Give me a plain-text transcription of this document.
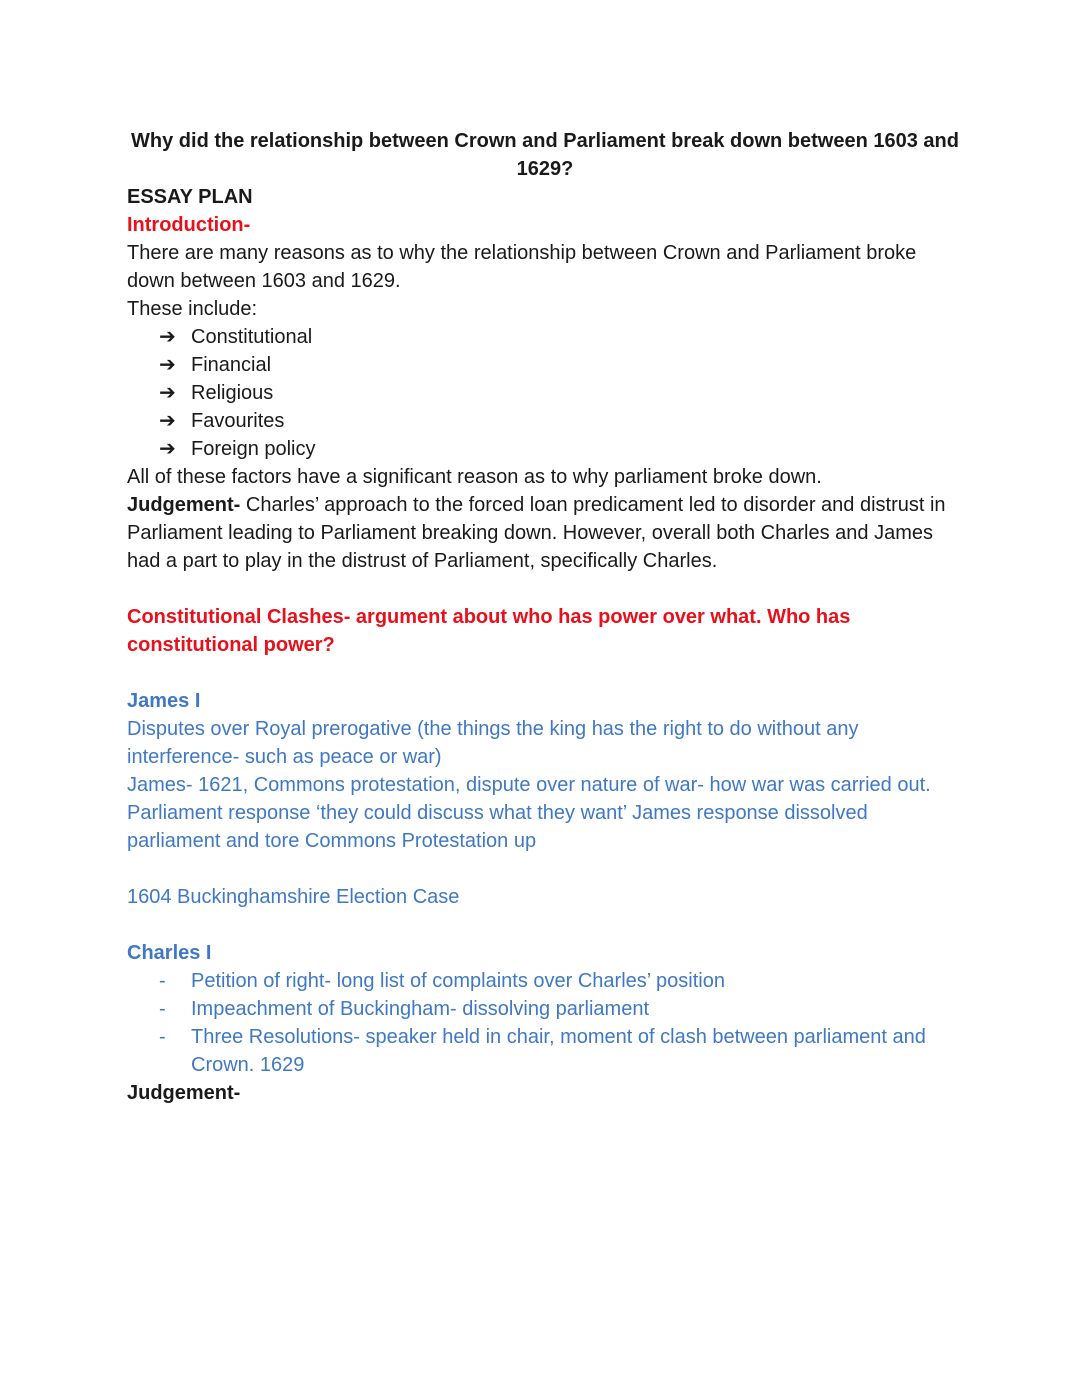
Why did the relationship between Crown and Parliament break down between 1603 and 1629?

ESSAY PLAN

Introduction-

There are many reasons as to why the relationship between Crown and Parliament broke down between 1603 and 1629.

These include:

➔ Constitutional
➔ Financial
➔ Religious
➔ Favourites
➔ Foreign policy

All of these factors have a significant reason as to why parliament broke down.

Judgement- Charles’ approach to the forced loan predicament led to disorder and distrust in Parliament leading to Parliament breaking down. However, overall both Charles and James had a part to play in the distrust of Parliament, specifically Charles.

Constitutional Clashes- argument about who has power over what. Who has constitutional power?

James I

Disputes over Royal prerogative (the things the king has the right to do without any interference- such as peace or war)

James- 1621, Commons protestation, dispute over nature of war- how war was carried out. Parliament response ‘they could discuss what they want’ James response dissolved parliament and tore Commons Protestation up

1604 Buckinghamshire Election Case

Charles I

- Petition of right- long list of complaints over Charles’ position
- Impeachment of Buckingham- dissolving parliament
- Three Resolutions- speaker held in chair, moment of clash between parliament and Crown. 1629

Judgement-
